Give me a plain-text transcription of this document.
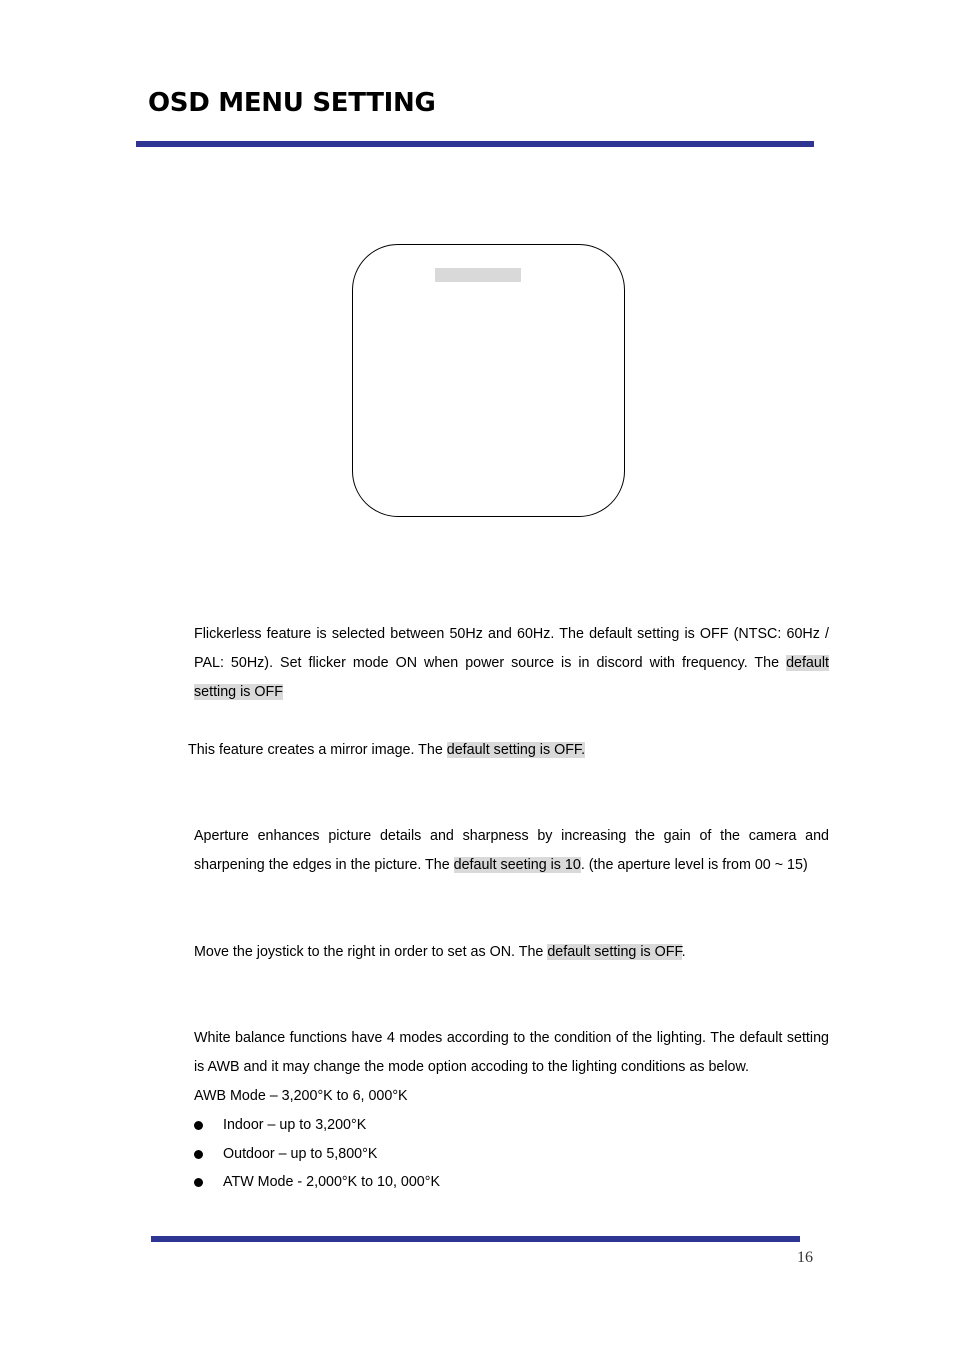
OSD MENU SETTING
Flickerless feature is selected between 50Hz and 60Hz. The default setting is OFF (NTSC: 60Hz /
PAL: 50Hz). Set flicker mode ON when power source is in discord with frequency. The default
setting is OFF
This feature creates a mirror image. The default setting is OFF.
Aperture enhances picture details and sharpness by increasing the gain of the camera and
sharpening the edges in the picture. The default seeting is 10. (the aperture level is from 00 ~ 15)
Move the joystick to the right in order to set as ON. The default setting is OFF.
White balance functions have 4 modes according to the condition of the lighting. The default setting
is AWB and it may change the mode option accoding to the lighting conditions as below.
AWB Mode – 3,200°K to 6, 000°K
Indoor – up to 3,200°K
Outdoor – up to 5,800°K
ATW Mode - 2,000°K to 10, 000°K
16
